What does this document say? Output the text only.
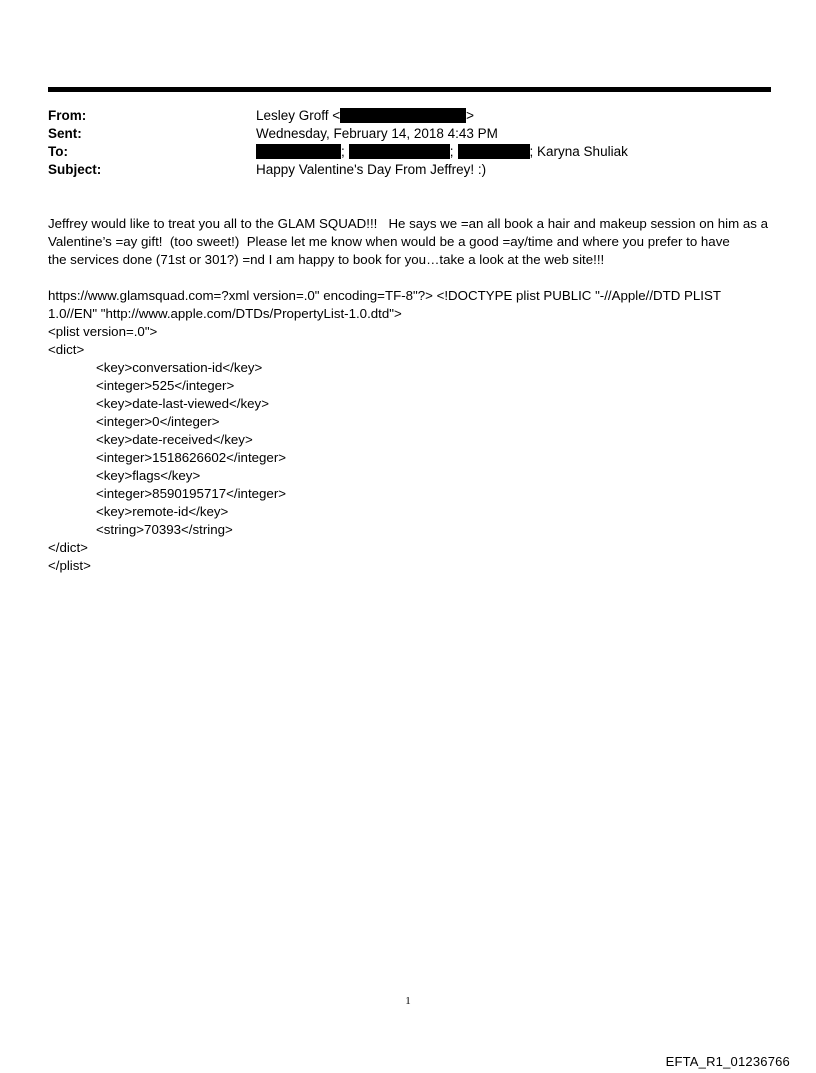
From:	Lesley Groff <	>
Sent:	Wednesday, February 14, 2018 4:43 PM
To:	;	;	; Karyna Shuliak
Subject:	Happy Valentine's Day From Jeffrey! :)
Jeffrey would like to treat you all to the GLAM SQUAD!!!   He says we =an all book a hair and makeup session on him as a
Valentine’s =ay gift!  (too sweet!)  Please let me know when would be a good =ay/time and where you prefer to have
the services done (71st or 301?) =nd I am happy to book for you…take a look at the web site!!!
https://www.glamsquad.com=?xml version=.0" encoding=TF-8"?> <!DOCTYPE plist PUBLIC "-//Apple//DTD PLIST
1.0//EN" "http://www.apple.com/DTDs/PropertyList-1.0.dtd">
<plist version=.0">
<dict>
<key>conversation-id</key>
<integer>525</integer>
<key>date-last-viewed</key>
<integer>0</integer>
<key>date-received</key>
<integer>1518626602</integer>
<key>flags</key>
<integer>8590195717</integer>
<key>remote-id</key>
<string>70393</string>
</dict>
</plist>
1
EFTA_R1_01236766
